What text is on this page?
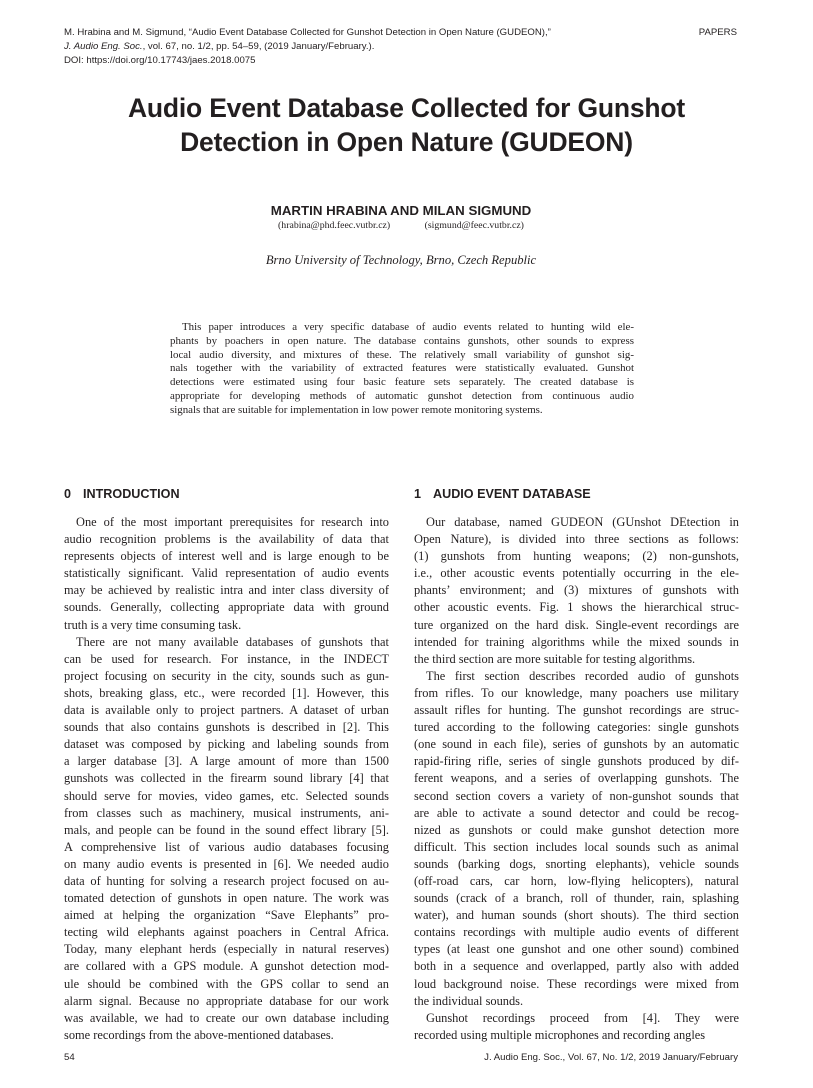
M. Hrabina and M. Sigmund, “Audio Event Database Collected for Gunshot Detection in Open Nature (GUDEON),”
J. Audio Eng. Soc., vol. 67, no. 1/2, pp. 54–59, (2019 January/February.).
DOI: https://doi.org/10.17743/jaes.2018.0075
PAPERS
Audio Event Database Collected for Gunshot
Detection in Open Nature (GUDEON)
MARTIN HRABINA AND MILAN SIGMUND
(hrabina@phd.feec.vutbr.cz)	(sigmund@feec.vutbr.cz)
Brno University of Technology, Brno, Czech Republic
This paper introduces a very specific database of audio events related to hunting wild ele-
phants by poachers in open nature. The database contains gunshots, other sounds to express
local audio diversity, and mixtures of these. The relatively small variability of gunshot sig-
nals together with the variability of extracted features were statistically evaluated. Gunshot
detections were estimated using four basic feature sets separately. The created database is
appropriate for developing methods of automatic gunshot detection from continuous audio
signals that are suitable for implementation in low power remote monitoring systems.
0 INTRODUCTION	1 AUDIO EVENT DATABASE
One of the most important prerequisites for research into
audio recognition problems is the availability of data that
represents objects of interest well and is large enough to be
statistically significant. Valid representation of audio events
may be achieved by realistic intra and inter class diversity of
sounds. Generally, collecting appropriate data with ground
truth is a very time consuming task.
There are not many available databases of gunshots that
can be used for research. For instance, in the INDECT
project focusing on security in the city, sounds such as gun-
shots, breaking glass, etc., were recorded [1]. However, this
data is available only to project partners. A dataset of urban
sounds that also contains gunshots is described in [2]. This
dataset was composed by picking and labeling sounds from
a larger database [3]. A large amount of more than 1500
gunshots was collected in the firearm sound library [4] that
should serve for movies, video games, etc. Selected sounds
from classes such as machinery, musical instruments, ani-
mals, and people can be found in the sound effect library [5].
A comprehensive list of various audio databases focusing
on many audio events is presented in [6]. We needed audio
data of hunting for solving a research project focused on au-
tomated detection of gunshots in open nature. The work was
aimed at helping the organization “Save Elephants” pro-
tecting wild elephants against poachers in Central Africa.
Today, many elephant herds (especially in natural reserves)
are collared with a GPS module. A gunshot detection mod-
ule should be combined with the GPS collar to send an
alarm signal. Because no appropriate database for our work
was available, we had to create our own database including
some recordings from the above-mentioned databases.
Our database, named GUDEON (GUnshot DEtection in
Open Nature), is divided into three sections as follows:
(1) gunshots from hunting weapons; (2) non-gunshots,
i.e., other acoustic events potentially occurring in the ele-
phants’ environment; and (3) mixtures of gunshots with
other acoustic events. Fig. 1 shows the hierarchical struc-
ture organized on the hard disk. Single-event recordings are
intended for training algorithms while the mixed sounds in
the third section are more suitable for testing algorithms.
The first section describes recorded audio of gunshots
from rifles. To our knowledge, many poachers use military
assault rifles for hunting. The gunshot recordings are struc-
tured according to the following categories: single gunshots
(one sound in each file), series of gunshots by an automatic
rapid-firing rifle, series of single gunshots produced by dif-
ferent weapons, and a series of overlapping gunshots. The
second section covers a variety of non-gunshot sounds that
are able to activate a sound detector and could be recog-
nized as gunshots or could make gunshot detection more
difficult. This section includes local sounds such as animal
sounds (barking dogs, snorting elephants), vehicle sounds
(off-road cars, car horn, low-flying helicopters), natural
sounds (crack of a branch, roll of thunder, rain, splashing
water), and human sounds (short shouts). The third section
contains recordings with multiple audio events of different
types (at least one gunshot and one other sound) combined
both in a sequence and overlapped, partly also with added
loud background noise. These recordings were mixed from
the individual sounds.
Gunshot recordings proceed from [4]. They were
recorded using multiple microphones and recording angles
54	J. Audio Eng. Soc., Vol. 67, No. 1/2, 2019 January/February
